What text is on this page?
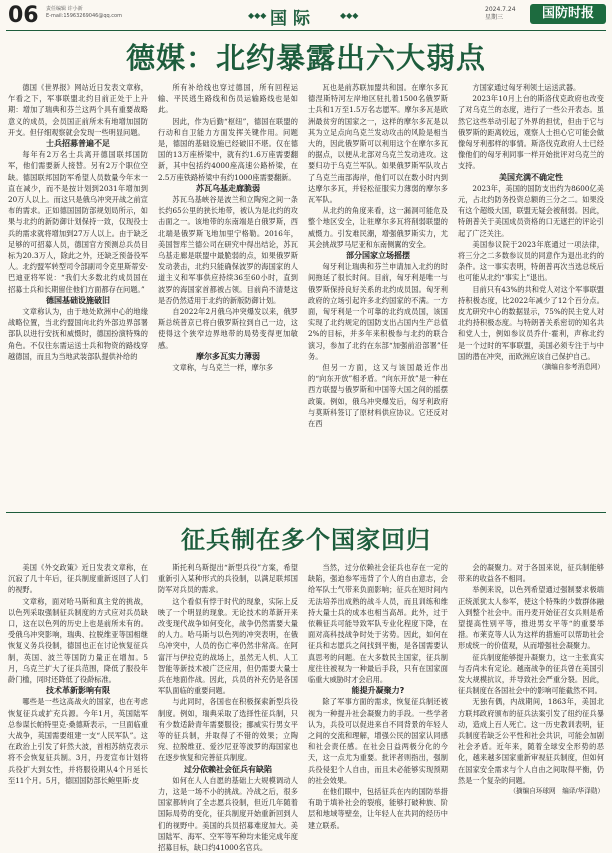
06 责任编辑 许小新
E-mail:15963269046@qq.com	◆◆◆ 国际	◆◆◆
2024.7.24
星期三	国防时报
德媒：北约暴露出六大弱点

德国《世界报》网站近日发表文章称，乍看之下，军事联盟北约目前正处于上升期：增加了瑞典和芬兰这两个具有重要战略意义的成员，会员国正前所未有地增加国防开支。但仔细观察就会发现一些明显问题。

士兵招募普遍不足

每年有2万名士兵离开德国联邦国防军，他们需要新人接替。另有2万个职位空缺。德国联邦国防军希望人员数量今年末一直在减少，而不是按计划到2031年增加到20万人以上。而这只是俄乌冲突开战之前宣布的需求。正如德国国防部规划局所示，如果与北约的新防御计划保持一致，仅现役士兵的需求就将增加到27万人以上。由于缺乏足够的可招募人员，德国官方预测总兵员目标为20.3万人，除此之外，还缺乏预备役军人。北约盟军转型司令部副司令克里斯蒂安·巴迪亚将军说：“我们大多数北约成员国在招募士兵和长期留住他们方面都存在问题。”

德国基础设施破旧

文章称认为，由于地处欧洲中心的地缘战略位置，当北约盟国向北约外部边界部署部队以进行安抚和威慑时，德国扮演特殊的角色。不仅往东需运送士兵和物资的路线穿越德国，而且为当地武装部队提供补给的

所有补给线也穿过德国，所有回程运输、平民逃生路线和伤员运输路线也是如此。

因此，作为后勤“枢纽”，德国在联盟的行动和自卫能力方面发挥关键作用。问题是，德国的基础设施已经破旧不堪。仅在德国的13万座桥梁中，就有约1.6万座需要翻新，其中包括约4000座高速公路桥梁，在2.5万座铁路桥梁中有约1000座需要翻新。

苏瓦乌基走廊脆弱

苏瓦乌基峡谷是波兰和立陶宛之间一条长约65公里的狭长地带，被认为是北约的攻击面之一。该地带的东南端是白俄罗斯，西北端是俄罗斯飞地加里宁格勒。2016年，美国智库兰德公司在研究中得出结论，苏瓦乌基走廊是联盟中最脆弱的点，如果俄罗斯发动袭击，北约只能确保波罗的海国家的人道主义和军事供应持续36至60小时，直到波罗的海国家首都被占领。目前尚不清楚这是否仍然适用于北约的新版防御计划。

自2022年2月俄乌冲突爆发以来，俄罗斯总统普京已将白俄罗斯拉到自己一边，这使得这个狭窄边界地带的局势变得更加敏感。

摩尔多瓦实力薄弱

文章称，与乌克兰一样，摩尔多

瓦也是前苏联加盟共和国。在摩尔多瓦德涅斯特河左岸地区驻扎着1500名俄罗斯士兵和1万至1.5万名志愿军。摩尔多瓦是欧洲最贫穷的国家之一，这样的摩尔多瓦是以其为立足点向乌克兰发动攻击的风险是相当大的，因此俄罗斯可以利用这个在摩尔多瓦的据点，以便从北部对乌克兰发动进攻。这要归功于乌克兰军队。如果俄罗斯军队攻占了乌克兰南部海岸，他们可以在数小时内到达摩尔多瓦，并轻松征服实力薄弱的摩尔多瓦军队。

从北约的角度来看，这一漏洞可能危及整个地区安全，让驻摩尔多瓦将削弱联盟的威慑力。引发难民潮，增强俄罗斯实力，尤其会挑战罗马尼亚和东南侧翼的安全。

部分国家立场摇摆

匈牙利让瑞典和芬兰申请加入北约的时间拖延了很长时间。目前，匈牙利是唯一与俄罗斯保持良好关系的北约成员国。匈牙利政府的立场引起许多北约国家的不满。一方面，匈牙利是一个可靠的北约成员国，该国实现了北约规定的国防支出占国内生产总值2%的目标，并多年来积极参与北约的联合演习，参加了北约在东部“加强前沿部署”任务。

但另一方面，这又与该国最近作出的“向东开放”相矛盾。“向东开放”是一种在西方联盟与俄罗斯和中国等大国之间的摇摆政策。例如，俄乌冲突爆发后，匈牙利政府与莫斯科签订了原材料供应协议。它还反对在西

方国家通过匈牙利领土运送武器。

2023年10月上台的斯洛伐克政府也改变了对乌克兰的态度，进行了一些公开表态。虽然它这些举动引起了外界的担忧，但由于它与俄罗斯的距离较远，观察人士担心它可能会做像匈牙利那样的事情。斯洛伐克政府人士已经像他们的匈牙利同事一样开始批评对乌克兰的支持。

美国充满不确定性

2023年，美国的国防支出约为8600亿美元，占北约防务投资总额的三分之二。如果没有这个超级大国，联盟无疑会被削弱。因此，特朗普关于美国成员资格的口无遮拦的评论引起了广泛关注。

美国参议院于2023年底通过一项法律，将三分之二多数参议员的同意作为退出北约的条件。这一事实表明，特朗普再次当选总统后也可能从北约“事实上”退出。

目前只有43%的共和党人对这个军事联盟持积极态度，比2022年减少了12个百分点。皮尤研究中心的数据显示，75%的民主党人对北约持积极态度。与特朗普关系密切的知名共和党人士，例如参议员乔什·霍利，声称北约是一个过时的军事联盟，美国必须专注于与中国的潜在冲突，而欧洲应该自己保护自己。

（摘编自参考消息网）

征兵制在多个国家回归

美国《外交政策》近日发表文章称，在沉寂了几十年后，征兵制度重新返回了人们的视野。

文章称，面对哈马斯和真主党的挑战，以色列采取强制征兵制度的方式应对兵员缺口，这在以色列的历史上也是前所未有的。受俄乌冲突影响，瑞典、拉脱维亚等国相继恢复义务兵役制，德国也正在讨论恢复征兵制，英国、波兰等国防力量正在增加。5月，乌克兰扩大了征兵范围，降低了服役年龄门槛，同时还降低了役龄标准。

技术革新影响有限

哪些是一些这高战火的国家，也在考虑恢复征兵或扩充兵源。今年1月，英国陆军总参谋长帕特里克·桑德斯表示，一旦面临重大战争，英国需要组建一支“人民军队”。这在政治上引发了轩然大波，首相苏纳克表示将不会恢复征兵制。3月，丹麦宣布计划将兵役扩大到女性，并将服役期从4个月延长至11个月。5月，德国国防部长鲍里斯·皮

斯托利乌斯提出“新型兵役”方案，希望重新引入某种形式的兵役制，以满足联邦国防军对兵员的需求。

这个看似有悖于时代的现象，实际上反映了一个明显的现象。无论技术的革新开来改变现代战争如何变化，战争仍然需要大量的人力。哈马斯与以色列的冲突表明，在俄乌冲突中，人员的伤亡率仍然非常高。在阿富汗与伊拉克的战场上，虽然无人机、人工智能等新技术被广泛应用，但仍需要大量士兵在地面作战。因此，兵员的补充仍是各国军队面临的重要问题。

与此同时，各国也在积极探索新型兵役制度。例如，瑞典采取了选择性征兵制，只有少数适龄青年需要服役；挪威实行男女平等的征兵制，并取得了不错的效果；立陶宛、拉脱维亚、爱沙尼亚等波罗的海国家也在逐步恢复和完善征兵制度。

过分依赖社会征兵有缺陷

如何在人人自愿的基础上大规模调动人力，这是一场不小的挑战。冷战之后，很多国家都转向了全志愿兵役制，但近几年随着国际局势的变化，征兵制度开始重新回到人们的视野中。美国的兵员招募难度加大。美国陆军、海军、空军等军种均未能完成年度招募目标，缺口约41000名官兵。

当然，过分依赖社会征兵也存在一定的缺陷，强迫参军违背了个人的自由意志，会给军队士气带来负面影响；征兵在短时间内无法培养出成熟的战斗人员，而且训练和维持大量士兵的成本也相当高昂。此外，过于依赖征兵可能导致军队专业化程度下降，在面对高科技战争时处于劣势。因此，如何在征兵和志愿兵之间找到平衡，是各国需要认真思考的问题。在大多数民主国家，征兵制度往往被视为一种最后手段，只有在国家面临重大威胁时才会启用。

能提升凝聚力?

除了军事方面的需求，恢复征兵制还被视为一种提升社会凝聚力的手段。一些学者认为，兵役可以促进来自不同背景的年轻人之间的交流和理解，增强公民的国家认同感和社会责任感。在社会日益两极分化的今天，这一点尤为重要。批评者则指出，强制兵役侵犯个人自由，而且未必能够实现预期的社会效果。

在他们眼中，包括征兵在内的国防举措有助于填补社会的裂痕，能够打破种族、阶层和地域等壁垒，让年轻人在共同的经历中建立联系。

会的凝聚力。对于各国来说，征兵制能够带来的收益各不相同。

举例来说，以色列希望通过强制要求极端正统派犹太人参军，使这个特殊的少数群体融入到整个社会中。而丹麦开始征召女兵则是希望提高性别平等，推进男女平等“的重要举措。布莱克等人认为这样的措施可以帮助社会形成统一的价值观，从而增强社会凝聚力。

征兵制度能够提升凝聚力，这一主张真实与否尚未有定论。越南战争的征兵曾在美国引发大规模抗议，并导致社会严重分裂。因此，征兵制度在各国社会中的影响可能截然不同。

无独有偶，内战期间，1863年，美国北方联邦政府颁布的征兵法案引发了纽约征兵暴动，造成上百人死亡。这一历史教训表明，征兵制度若缺乏公平性和社会共识，可能会加剧社会矛盾。近年来，随着全球安全形势的恶化，越来越多国家重新审视征兵制度，但如何在国家安全需求与个人自由之间取得平衡，仍然是一个复杂的问题。

（摘编自环球网　编译/华泽勋）
